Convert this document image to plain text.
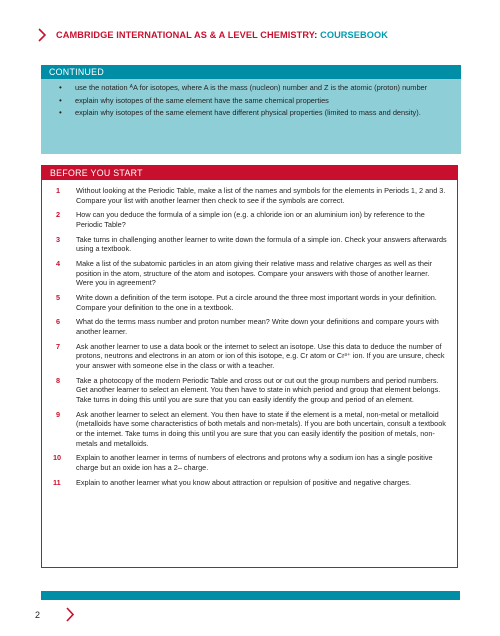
CAMBRIDGE INTERNATIONAL AS & A LEVEL CHEMISTRY: COURSEBOOK
CONTINUED
• use the notation AA for isotopes, where A is the mass (nucleon) number and Z is the atomic (proton) number
• explain why isotopes of the same element have the same chemical properties
• explain why isotopes of the same element have different physical properties (limited to mass and density).
BEFORE YOU START
1 Without looking at the Periodic Table, make a list of the names and symbols for the elements in Periods 1, 2 and 3. Compare your list with another learner then check to see if the symbols are correct.
2 How can you deduce the formula of a simple ion (e.g. a chloride ion or an aluminium ion) by reference to the Periodic Table?
3 Take turns in challenging another learner to write down the formula of a simple ion. Check your answers afterwards using a textbook.
4 Make a list of the subatomic particles in an atom giving their relative mass and relative charges as well as their position in the atom, structure of the atom and isotopes. Compare your answers with those of another learner. Were you in agreement?
5 Write down a definition of the term isotope. Put a circle around the three most important words in your definition. Compare your definition to the one in a textbook.
6 What do the terms mass number and proton number mean? Write down your definitions and compare yours with another learner.
7 Ask another learner to use a data book or the internet to select an isotope. Use this data to deduce the number of protons, neutrons and electrons in an atom or ion of this isotope, e.g. Cr atom or Cr³⁺ ion. If you are unsure, check your answer with someone else in the class or with a teacher.
8 Take a photocopy of the modern Periodic Table and cross out or cut out the group numbers and period numbers. Get another learner to select an element. You then have to state in which period and group that element belongs. Take turns in doing this until you are sure that you can easily identify the group and period of an element.
9 Ask another learner to select an element. You then have to state if the element is a metal, non-metal or metalloid (metalloids have some characteristics of both metals and non-metals). If you are both uncertain, consult a textbook or the internet. Take turns in doing this until you are sure that you can easily identify the position of metals, non-metals and metalloids.
10 Explain to another learner in terms of numbers of electrons and protons why a sodium ion has a single positive charge but an oxide ion has a 2– charge.
11 Explain to another learner what you know about attraction or repulsion of positive and negative charges.
2
